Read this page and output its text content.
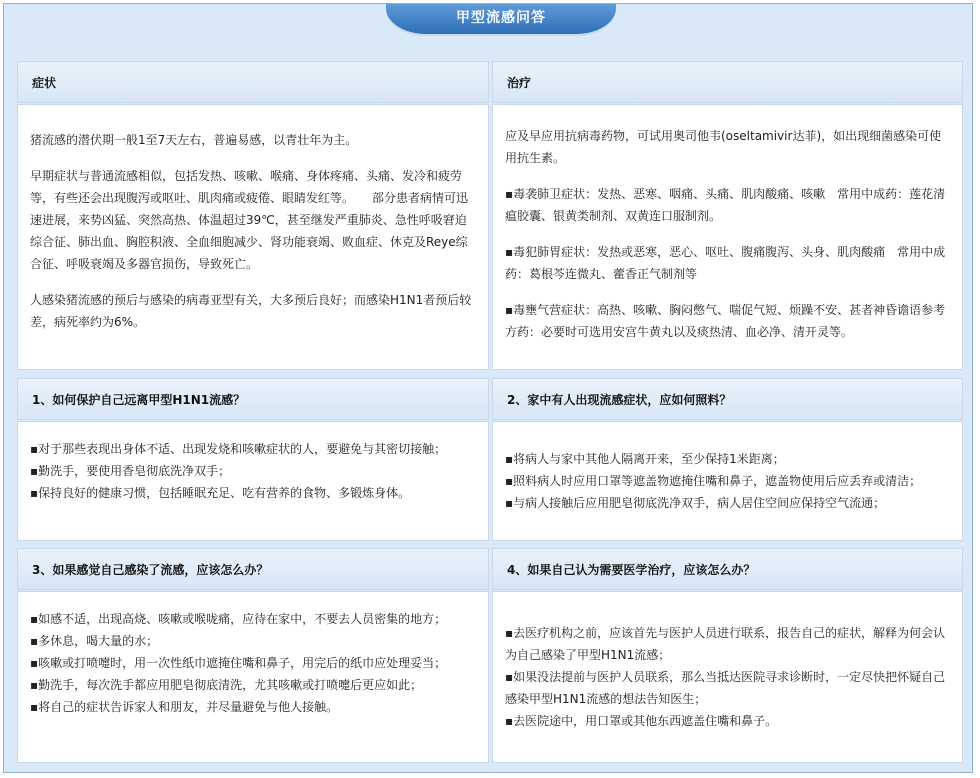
甲型流感问答
症状

猪流感的潜伏期一般1至7天左右，普遍易感，以青壮年为主。

早期症状与普通流感相似，包括发热、咳嗽、喉痛、身体疼痛、头痛、发冷和疲劳等，有些还会出现腹泻或呕吐、肌肉痛或疲倦、眼睛发红等。　　部分患者病情可迅速进展，来势凶猛、突然高热、体温超过39℃，甚至继发严重肺炎、急性呼吸窘迫综合征、肺出血、胸腔积液、全血细胞减少、肾功能衰竭、败血症、休克及Reye综合征、呼吸衰竭及多器官损伤，导致死亡。

人感染猪流感的预后与感染的病毒亚型有关，大多预后良好；而感染H1N1者预后较差，病死率约为6%。

治疗

应及早应用抗病毒药物，可试用奥司他韦(oseltamivir达菲)，如出现细菌感染可使用抗生素。

▪毒袭肺卫症状：发热、恶寒、咽痛、头痛、肌肉酸痛、咳嗽　常用中成药：莲花清瘟胶囊、银黄类制剂、双黄连口服制剂。

▪毒犯肺胃症状：发热或恶寒，恶心、呕吐、腹痛腹泻、头身、肌肉酸痛　常用中成药：葛根芩连微丸、藿香正气制剂等

▪毒壅气营症状：高热、咳嗽、胸闷憋气、喘促气短、烦躁不安、甚者神昏谵语参考方药：必要时可选用安宫牛黄丸以及痰热清、血必净、清开灵等。

1、如何保护自己远离甲型H1N1流感？

▪对于那些表现出身体不适、出现发烧和咳嗽症状的人，要避免与其密切接触；

▪勤洗手，要使用香皂彻底洗净双手；

▪保持良好的健康习惯，包括睡眠充足、吃有营养的食物、多锻炼身体。

2、家中有人出现流感症状，应如何照料？

▪将病人与家中其他人隔离开来，至少保持1米距离；

▪照料病人时应用口罩等遮盖物遮掩住嘴和鼻子，遮盖物使用后应丢弃或清洁；

▪与病人接触后应用肥皂彻底洗净双手，病人居住空间应保持空气流通；

3、如果感觉自己感染了流感，应该怎么办？

▪如感不适，出现高烧、咳嗽或喉咙痛，应待在家中，不要去人员密集的地方；

▪多休息，喝大量的水；

▪咳嗽或打喷嚏时，用一次性纸巾遮掩住嘴和鼻子，用完后的纸巾应处理妥当；

▪勤洗手，每次洗手都应用肥皂彻底清洗，尤其咳嗽或打喷嚏后更应如此；

▪将自己的症状告诉家人和朋友，并尽量避免与他人接触。

4、如果自己认为需要医学治疗，应该怎么办？

▪去医疗机构之前，应该首先与医护人员进行联系，报告自己的症状，解释为何会认为自己感染了甲型H1N1流感；

▪如果没法提前与医护人员联系，那么当抵达医院寻求诊断时，一定尽快把怀疑自己感染甲型H1N1流感的想法告知医生；

▪去医院途中，用口罩或其他东西遮盖住嘴和鼻子。
